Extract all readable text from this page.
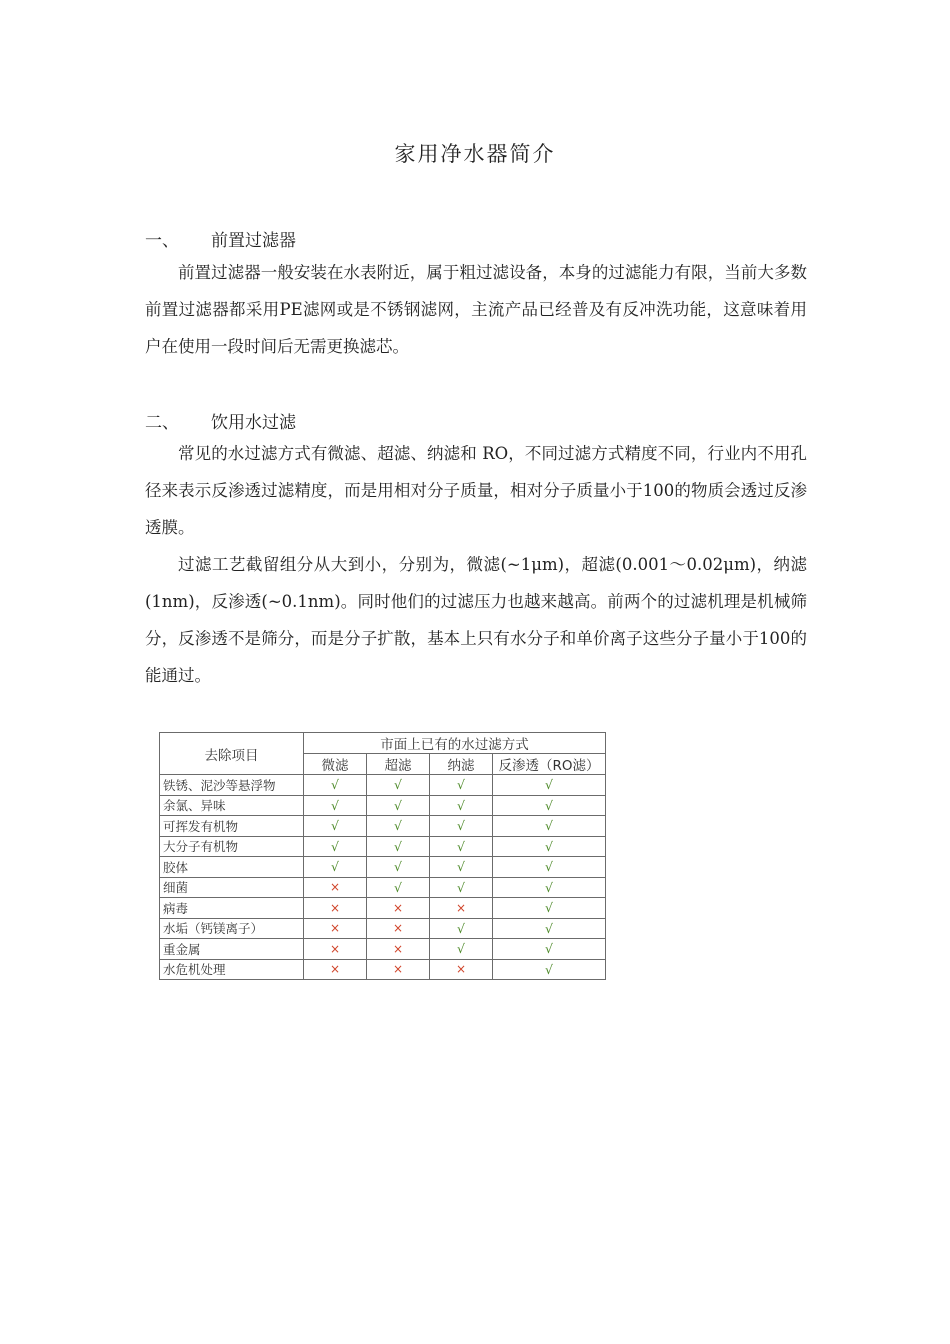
家用净水器简介
一、 前置过滤器

前置过滤器一般安装在水表附近，属于粗过滤设备，本身的过滤能力有限，当前大多数前置过滤器都采用PE滤网或是不锈钢滤网，主流产品已经普及有反冲洗功能，这意味着用户在使用一段时间后无需更换滤芯。

二、 饮用水过滤

常见的水过滤方式有微滤、超滤、纳滤和 RO，不同过滤方式精度不同，行业内不用孔径来表示反渗透过滤精度，而是用相对分子质量，相对分子质量小于100的物质会透过反渗透膜。

过滤工艺截留组分从大到小，分别为，微滤(~1μm)，超滤(0.001～0.02μm)，纳滤(1nm)，反渗透(~0.1nm)。同时他们的过滤压力也越来越高。前两个的过滤机理是机械筛分，反渗透不是筛分，而是分子扩散，基本上只有水分子和单价离子这些分子量小于100的能通过。

去除项目	市面上已有的水过滤方式			
	微滤	超滤	纳滤	反渗透（RO滤）
铁锈、泥沙等悬浮物	√	√	√	√
余氯、异味	√	√	√	√
可挥发有机物	√	√	√	√
大分子有机物	√	√	√	√
胶体	√	√	√	√
细菌	×	√	√	√
病毒	×	×	×	√
水垢（钙镁离子）	×	×	√	√
重金属	×	×	√	√
水危机处理	×	×	×	√
